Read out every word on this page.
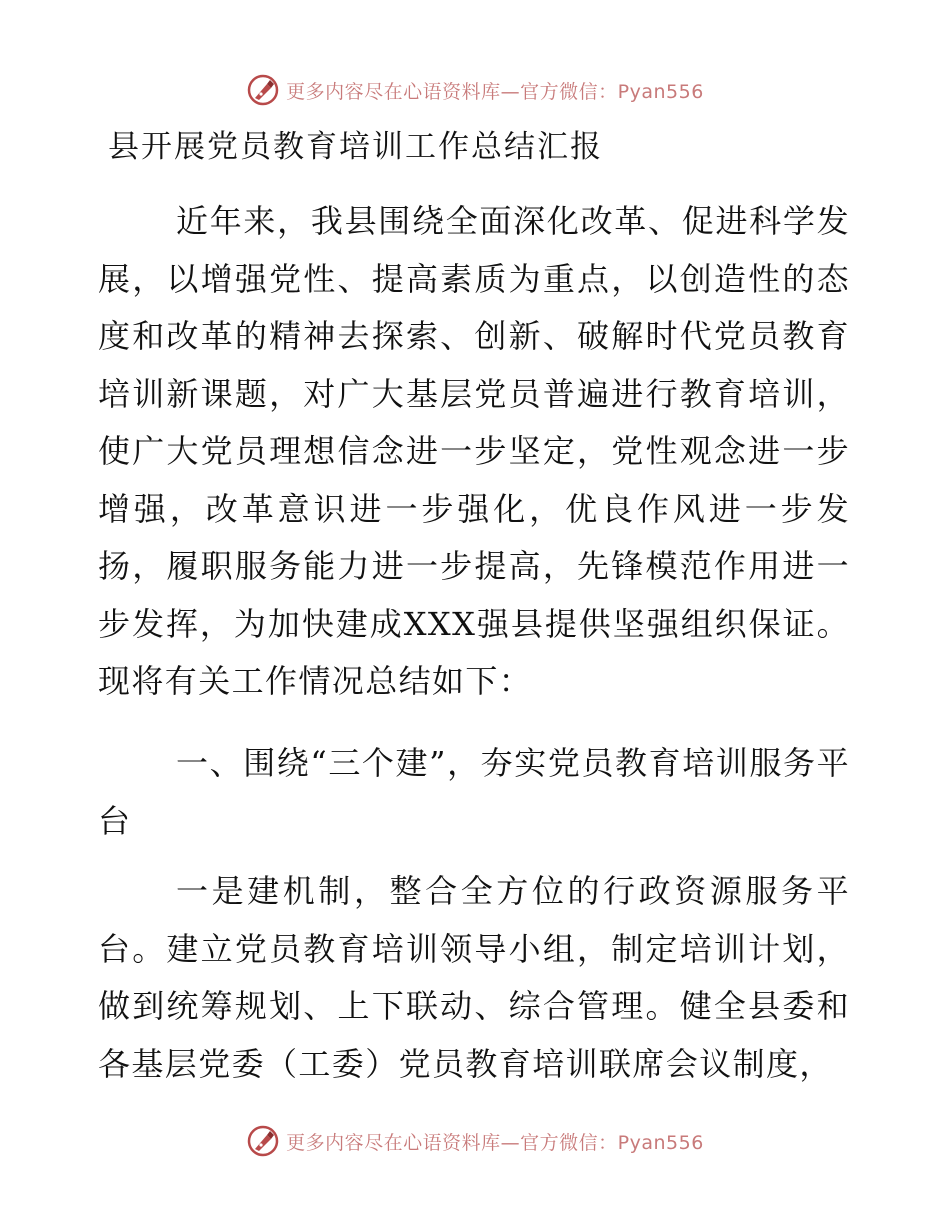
更多内容尽在心语资料库—官方微信：Pyan556
县开展党员教育培训工作总结汇报

近年来，我县围绕全面深化改革、促进科学发展，以增强党性、提高素质为重点，以创造性的态度和改革的精神去探索、创新、破解时代党员教育培训新课题，对广大基层党员普遍进行教育培训，使广大党员理想信念进一步坚定，党性观念进一步增强，改革意识进一步强化，优良作风进一步发扬，履职服务能力进一步提高，先锋模范作用进一步发挥，为加快建成XXX强县提供坚强组织保证。现将有关工作情况总结如下：

一、围绕“三个建”，夯实党员教育培训服务平台

一是建机制，整合全方位的行政资源服务平台。建立党员教育培训领导小组，制定培训计划，做到统筹规划、上下联动、综合管理。健全县委和各基层党委（工委）党员教育培训联席会议制度，

更多内容尽在心语资料库—官方微信：Pyan556
